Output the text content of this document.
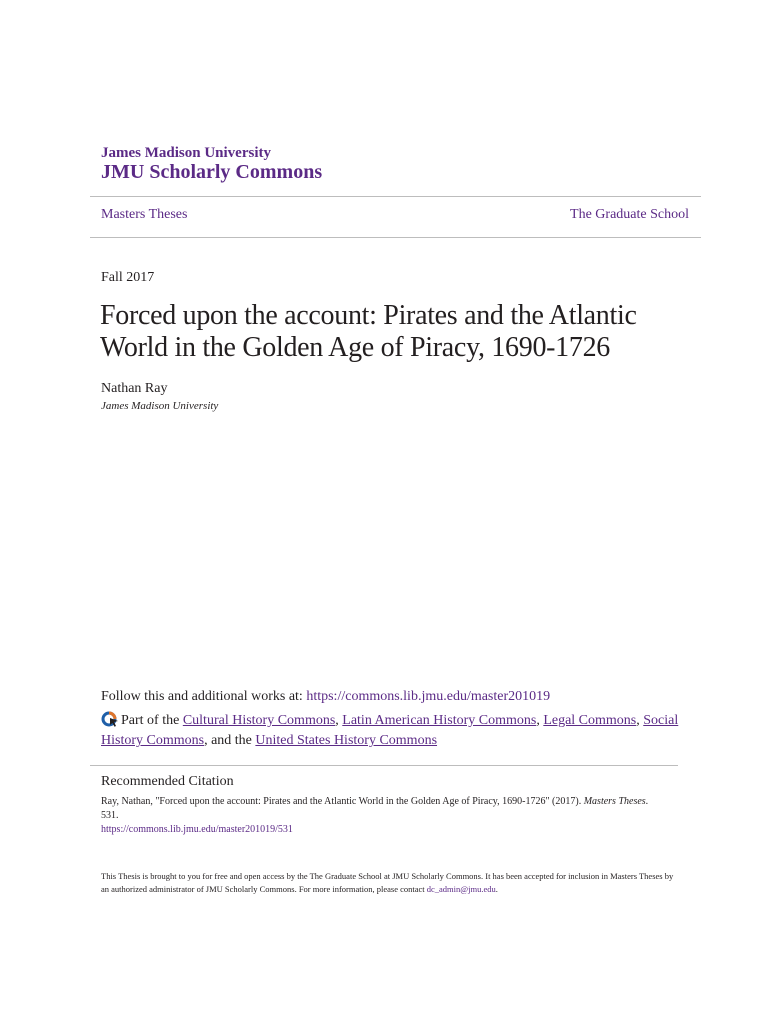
James Madison University
JMU Scholarly Commons
Masters Theses	The Graduate School
Fall 2017
Forced upon the account: Pirates and the Atlantic
World in the Golden Age of Piracy, 1690-1726
Nathan Ray
James Madison University
Follow this and additional works at: https://commons.lib.jmu.edu/master201019
Part of the Cultural History Commons, Latin American History Commons, Legal Commons, Social History Commons, and the United States History Commons
Recommended Citation
Ray, Nathan, "Forced upon the account: Pirates and the Atlantic World in the Golden Age of Piracy, 1690-1726" (2017). Masters Theses. 531.
https://commons.lib.jmu.edu/master201019/531
This Thesis is brought to you for free and open access by the The Graduate School at JMU Scholarly Commons. It has been accepted for inclusion in Masters Theses by an authorized administrator of JMU Scholarly Commons. For more information, please contact dc_admin@jmu.edu.
